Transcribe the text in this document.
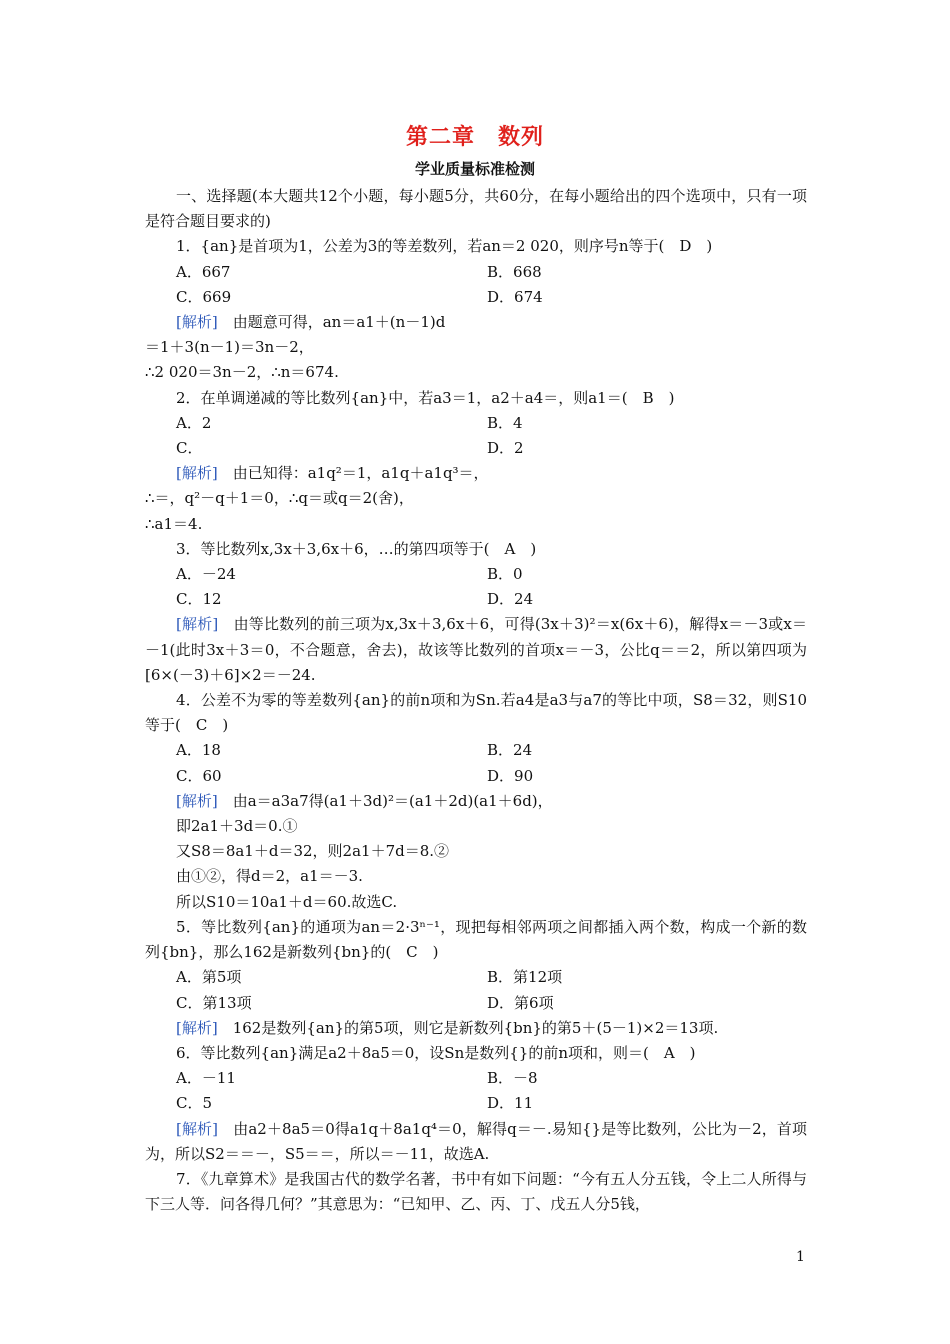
第二章　数列
学业质量标准检测

一、选择题(本大题共12个小题，每小题5分，共60分，在每小题给出的四个选项中，只有一项是符合题目要求的)

1．{an}是首项为1，公差为3的等差数列，若an＝2 020，则序号n等于(　D　)

A．667	B．668
C．669	D．674

[解析]　由题意可得，an＝a1＋(n－1)d

＝1＋3(n－1)＝3n－2，

∴2 020＝3n－2，∴n＝674.

2．在单调递减的等比数列{an}中，若a3＝1，a2＋a4＝，则a1＝(　B　)

A．2	B．4
C．	D．2

[解析]　由已知得：a1q²＝1，a1q＋a1q³＝，

∴＝，q²－q＋1＝0，∴q＝或q＝2(舍)，

∴a1＝4.

3．等比数列x,3x＋3,6x＋6，…的第四项等于(　A　)

A．－24	B．0
C．12	D．24

[解析]　由等比数列的前三项为x,3x＋3,6x＋6，可得(3x＋3)²＝x(6x＋6)，解得x＝－3或x＝－1(此时3x＋3＝0，不合题意，舍去)，故该等比数列的首项x＝－3，公比q＝＝2，所以第四项为[6×(－3)＋6]×2＝－24.

4．公差不为零的等差数列{an}的前n项和为Sn.若a4是a3与a7的等比中项，S8＝32，则S10等于(　C　)

A．18	B．24
C．60	D．90

[解析]　由a＝a3a7得(a1＋3d)²＝(a1＋2d)(a1＋6d)，

即2a1＋3d＝0.①

又S8＝8a1＋d＝32，则2a1＋7d＝8.②

由①②，得d＝2，a1＝－3.

所以S10＝10a1＋d＝60.故选C.

5．等比数列{an}的通项为an＝2·3ⁿ⁻¹，现把每相邻两项之间都插入两个数，构成一个新的数列{bn}，那么162是新数列{bn}的(　C　)

A．第5项	B．第12项
C．第13项	D．第6项

[解析]　162是数列{an}的第5项，则它是新数列{bn}的第5＋(5－1)×2＝13项.

6．等比数列{an}满足a2＋8a5＝0，设Sn是数列{}的前n项和，则＝(　A　)

A．－11	B．－8
C．5	D．11

[解析]　由a2＋8a5＝0得a1q＋8a1q⁴＝0，解得q＝－.易知{}是等比数列，公比为－2，首项为，所以S2＝＝－，S5＝＝，所以＝－11，故选A.

7．《九章算术》是我国古代的数学名著，书中有如下问题：“今有五人分五钱，令上二人所得与下三人等．问各得几何？”其意思为：“已知甲、乙、丙、丁、戊五人分5钱，

1
